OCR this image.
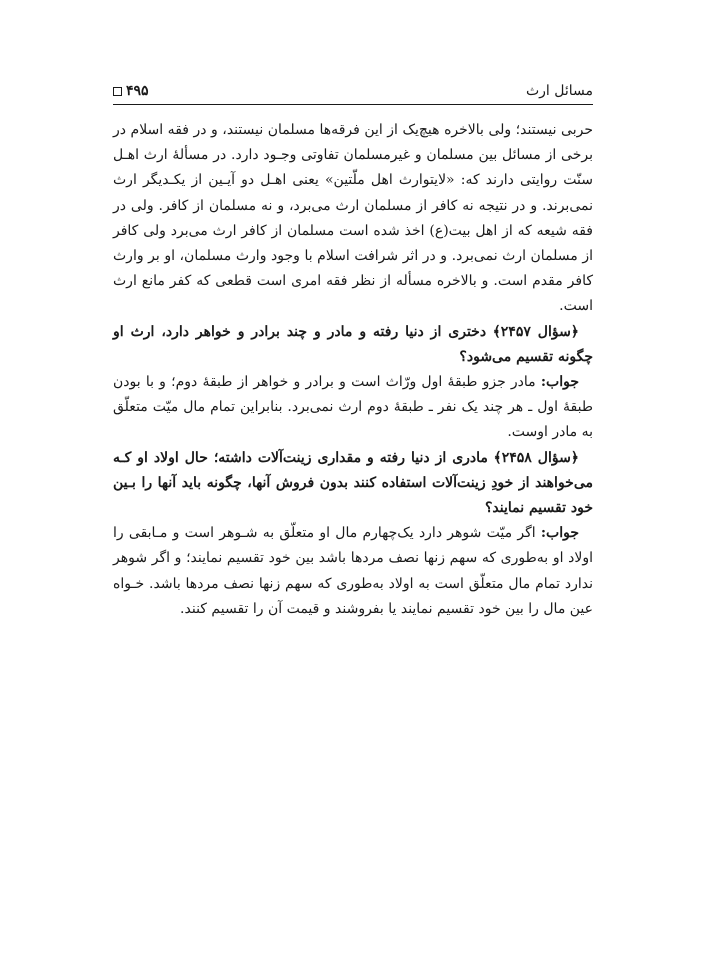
مسائل ارث
۴۹۵

حربی نیستند؛ ولی بالاخره هیچ‌یک از این فرقه‌ها مسلمان نیستند، و در فقه اسلام در برخی از مسائل بین مسلمان و غیرمسلمان تفاوتی وجـود دارد. در مسألهٔ ارث اهـل سنّت روایتی دارند که: «لایتوارث اهل ملّتین» یعنی اهـل دو آیـین از یکـدیگر ارث نمی‌برند. و در نتیجه نه کافر از مسلمان ارث می‌برد، و نه مسلمان از کافر. ولی در فقه شیعه که از اهل بیت(ع) اخذ شده است مسلمان از کافر ارث می‌برد ولی کافر از مسلمان ارث نمی‌برد. و در اثر شرافت اسلام با وجود وارث مسلمان، او بر وارث کافر مقدم است. و بالاخره مسأله از نظر فقه امری است قطعی که کفر مانع ارث است.

﴿سؤال ۲۴۵۷﴾ دختری از دنیا رفته و مادر و چند برادر و خواهر دارد، ارث او چگونه تقسیم می‌شود؟

جواب: مادر جزو طبقهٔ اول ورّاث است و برادر و خواهر از طبقهٔ دوم؛ و با بودن طبقهٔ اول ـ هر چند یک نفر ـ طبقهٔ دوم ارث نمی‌برد. بنابراین تمام مال میّت متعلّق به مادر اوست.

﴿سؤال ۲۴۵۸﴾ مادری از دنیا رفته و مقداری زینت‌آلات داشته؛ حال اولاد او کـه می‌خواهند از خودِ زینت‌آلات استفاده کنند بدون فروش آنها، چگونه باید آنها را بـین خود تقسیم نمایند؟

جواب: اگر میّت شوهر دارد یک‌چهارم مال او متعلّق به شـوهر است و مـابقی را اولاد او به‌طوری که سهم زنها نصف مردها باشد بین خود تقسیم نمایند؛ و اگر شوهر ندارد تمام مال متعلّق است به اولاد به‌طوری که سهم زنها نصف مردها باشد. خـواه عین مال را بین خود تقسیم نمایند یا بفروشند و قیمت آن را تقسیم کنند.
